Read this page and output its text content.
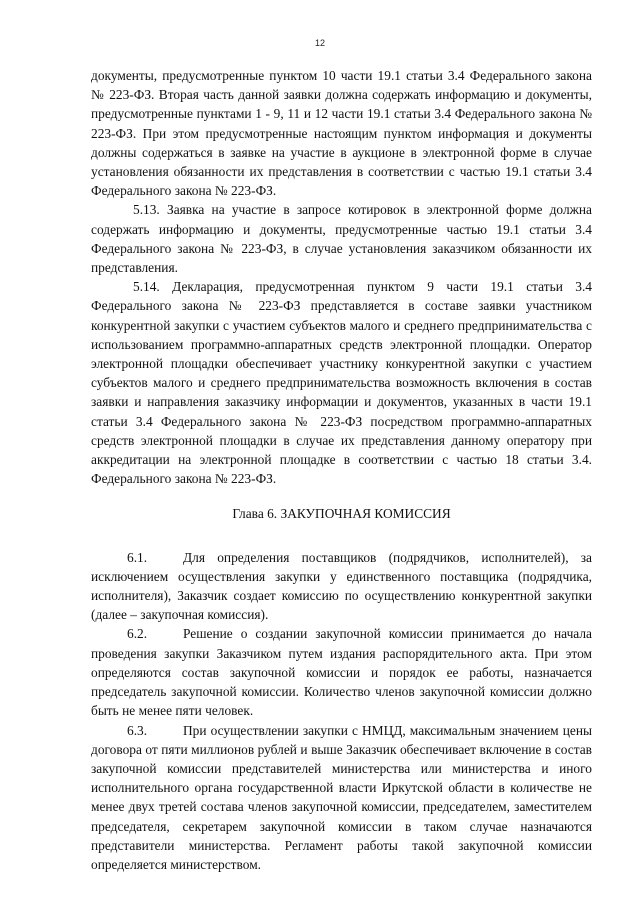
12

документы, предусмотренные пунктом 10 части 19.1 статьи 3.4 Федерального закона № 223-ФЗ. Вторая часть данной заявки должна содержать информацию и документы, предусмотренные пунктами 1 - 9, 11 и 12 части 19.1 статьи 3.4 Федерального закона № 223-ФЗ. При этом предусмотренные настоящим пунктом информация и документы должны содержаться в заявке на участие в аукционе в электронной форме в случае установления обязанности их представления в соответствии с частью 19.1 статьи 3.4 Федерального закона № 223-ФЗ.

5.13. Заявка на участие в запросе котировок в электронной форме должна содержать информацию и документы, предусмотренные частью 19.1 статьи 3.4 Федерального закона № 223-ФЗ, в случае установления заказчиком обязанности их представления.

5.14. Декларация, предусмотренная пунктом 9 части 19.1 статьи 3.4 Федерального закона № 223-ФЗ представляется в составе заявки участником конкурентной закупки с участием субъектов малого и среднего предпринимательства с использованием программно-аппаратных средств электронной площадки. Оператор электронной площадки обеспечивает участнику конкурентной закупки с участием субъектов малого и среднего предпринимательства возможность включения в состав заявки и направления заказчику информации и документов, указанных в части 19.1 статьи 3.4 Федерального закона № 223-ФЗ посредством программно-аппаратных средств электронной площадки в случае их представления данному оператору при аккредитации на электронной площадке в соответствии с частью 18 статьи 3.4. Федерального закона № 223-ФЗ.

Глава 6. ЗАКУПОЧНАЯ КОМИССИЯ

6.1.	Для определения поставщиков (подрядчиков, исполнителей), за исключением осуществления закупки у единственного поставщика (подрядчика, исполнителя), Заказчик создает комиссию по осуществлению конкурентной закупки (далее – закупочная комиссия).

6.2.	Решение о создании закупочной комиссии принимается до начала проведения закупки Заказчиком путем издания распорядительного акта. При этом определяются состав закупочной комиссии и порядок ее работы, назначается председатель закупочной комиссии. Количество членов закупочной комиссии должно быть не менее пяти человек.

6.3.	При осуществлении закупки с НМЦД, максимальным значением цены договора от пяти миллионов рублей и выше Заказчик обеспечивает включение в состав закупочной комиссии представителей министерства или министерства и иного исполнительного органа государственной власти Иркутской области в количестве не менее двух третей состава членов закупочной комиссии, председателем, заместителем председателя, секретарем закупочной комиссии в таком случае назначаются представители министерства. Регламент работы такой закупочной комиссии определяется министерством.
